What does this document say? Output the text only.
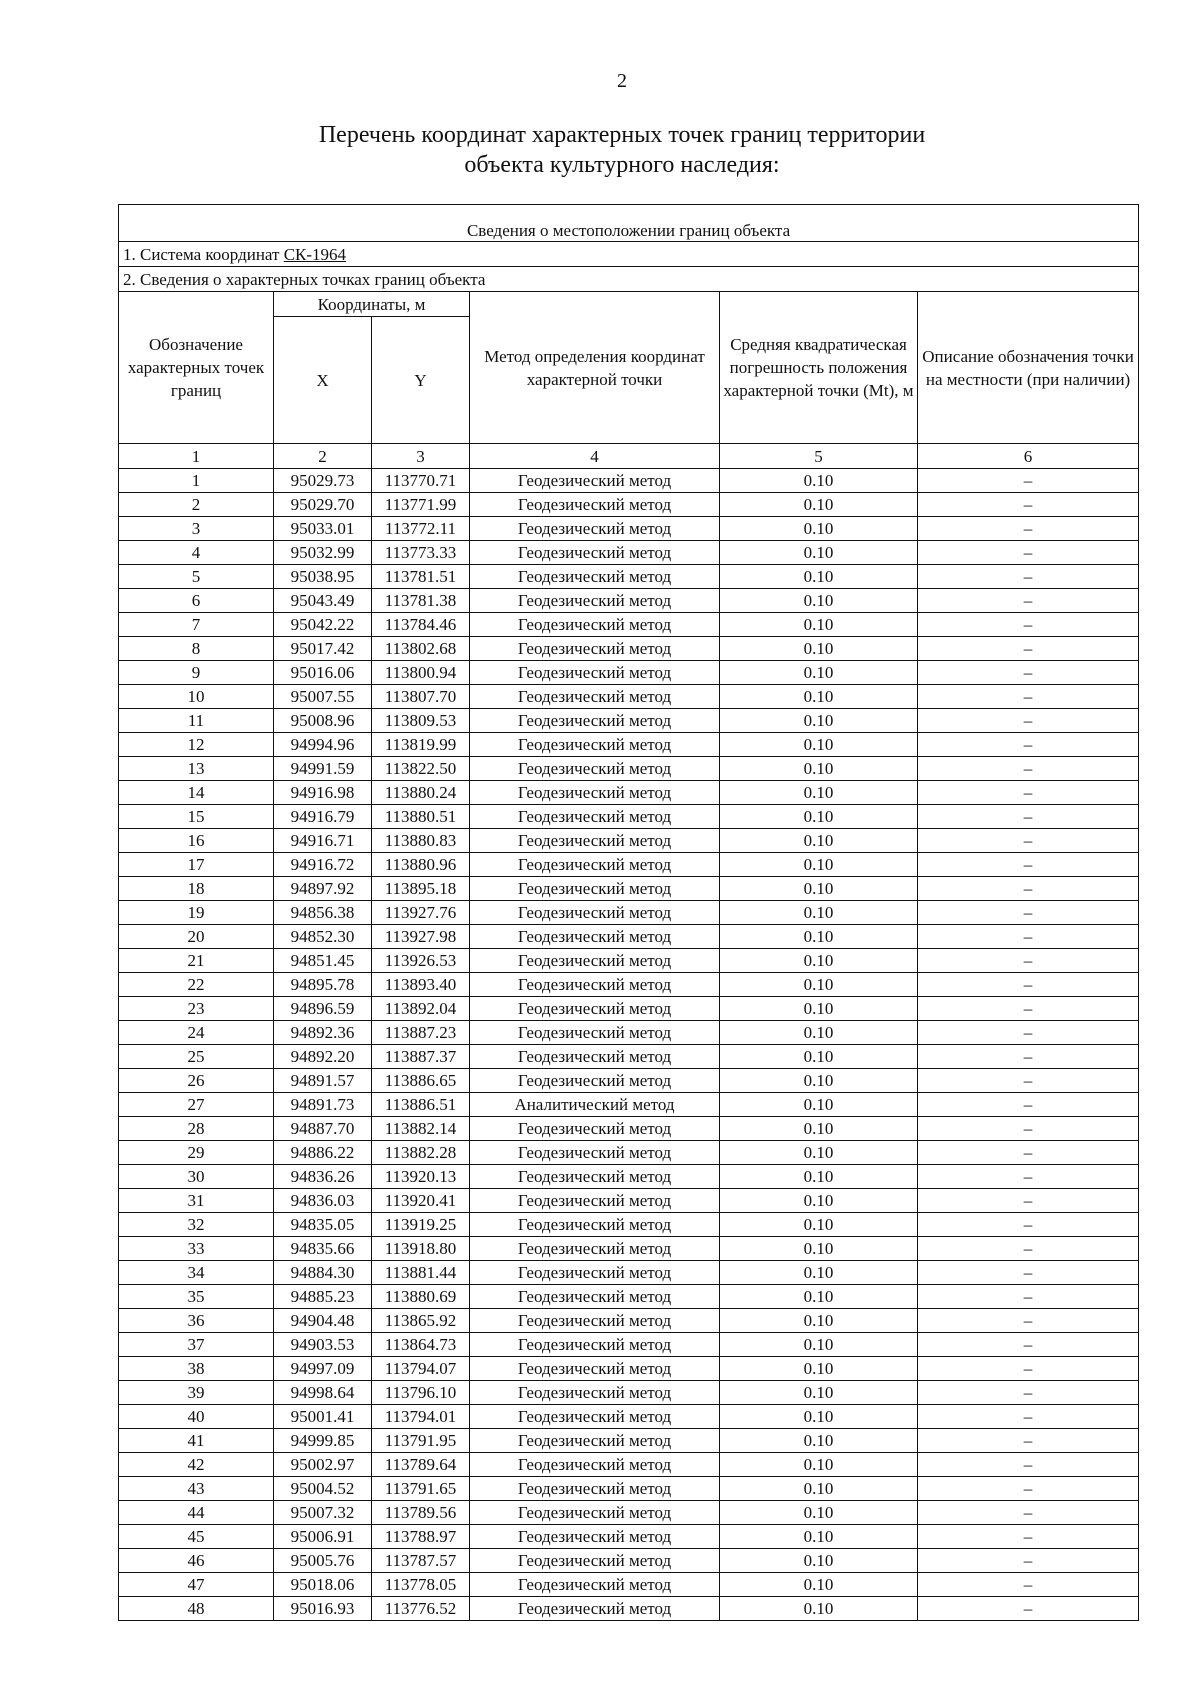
2
Перечень координат характерных точек границ территории
объекта культурного наследия:
Сведения о местоположении границ объекта					
1. Система координат СК-1964					
2. Сведения о характерных точках границ объекта					
Обозначение характерных точек границ	Координаты, м		Метод определения координат характерной точки	Средняя квадратическая погрешность положения характерной точки (Mt), м	Описание обозначения точки на местности (при наличии)
	X	Y			
1	2	3	4	5	6
1	95029.73	113770.71	Геодезический метод	0.10	–
2	95029.70	113771.99	Геодезический метод	0.10	–
3	95033.01	113772.11	Геодезический метод	0.10	–
4	95032.99	113773.33	Геодезический метод	0.10	–
5	95038.95	113781.51	Геодезический метод	0.10	–
6	95043.49	113781.38	Геодезический метод	0.10	–
7	95042.22	113784.46	Геодезический метод	0.10	–
8	95017.42	113802.68	Геодезический метод	0.10	–
9	95016.06	113800.94	Геодезический метод	0.10	–
10	95007.55	113807.70	Геодезический метод	0.10	–
11	95008.96	113809.53	Геодезический метод	0.10	–
12	94994.96	113819.99	Геодезический метод	0.10	–
13	94991.59	113822.50	Геодезический метод	0.10	–
14	94916.98	113880.24	Геодезический метод	0.10	–
15	94916.79	113880.51	Геодезический метод	0.10	–
16	94916.71	113880.83	Геодезический метод	0.10	–
17	94916.72	113880.96	Геодезический метод	0.10	–
18	94897.92	113895.18	Геодезический метод	0.10	–
19	94856.38	113927.76	Геодезический метод	0.10	–
20	94852.30	113927.98	Геодезический метод	0.10	–
21	94851.45	113926.53	Геодезический метод	0.10	–
22	94895.78	113893.40	Геодезический метод	0.10	–
23	94896.59	113892.04	Геодезический метод	0.10	–
24	94892.36	113887.23	Геодезический метод	0.10	–
25	94892.20	113887.37	Геодезический метод	0.10	–
26	94891.57	113886.65	Геодезический метод	0.10	–
27	94891.73	113886.51	Аналитический метод	0.10	–
28	94887.70	113882.14	Геодезический метод	0.10	–
29	94886.22	113882.28	Геодезический метод	0.10	–
30	94836.26	113920.13	Геодезический метод	0.10	–
31	94836.03	113920.41	Геодезический метод	0.10	–
32	94835.05	113919.25	Геодезический метод	0.10	–
33	94835.66	113918.80	Геодезический метод	0.10	–
34	94884.30	113881.44	Геодезический метод	0.10	–
35	94885.23	113880.69	Геодезический метод	0.10	–
36	94904.48	113865.92	Геодезический метод	0.10	–
37	94903.53	113864.73	Геодезический метод	0.10	–
38	94997.09	113794.07	Геодезический метод	0.10	–
39	94998.64	113796.10	Геодезический метод	0.10	–
40	95001.41	113794.01	Геодезический метод	0.10	–
41	94999.85	113791.95	Геодезический метод	0.10	–
42	95002.97	113789.64	Геодезический метод	0.10	–
43	95004.52	113791.65	Геодезический метод	0.10	–
44	95007.32	113789.56	Геодезический метод	0.10	–
45	95006.91	113788.97	Геодезический метод	0.10	–
46	95005.76	113787.57	Геодезический метод	0.10	–
47	95018.06	113778.05	Геодезический метод	0.10	–
48	95016.93	113776.52	Геодезический метод	0.10	–
